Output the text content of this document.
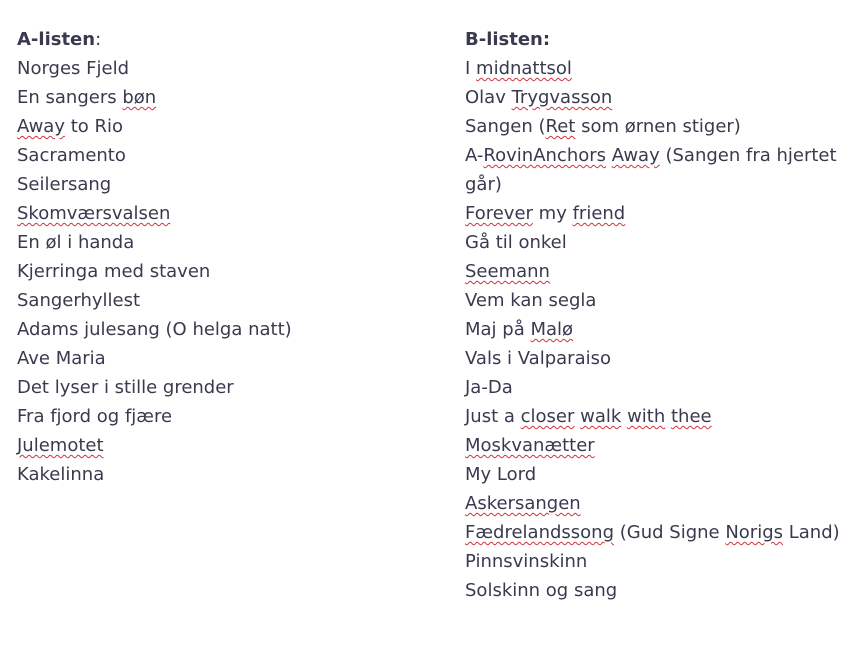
A-listen:
Norges Fjeld
En sangers bøn
Away to Rio
Sacramento
Seilersang
Skomværsvalsen
En øl i handa
Kjerringa med staven
Sangerhyllest
Adams julesang (O helga natt)
Ave Maria
Det lyser i stille grender
Fra fjord og fjære
Julemotet
Kakelinna
B-listen:
I midnattsol
Olav Trygvasson
Sangen (Ret som ørnen stiger)
A-RovinAnchors Away (Sangen fra hjertet går)
Forever my friend
Gå til onkel
Seemann
Vem kan segla
Maj på Malø
Vals i Valparaiso
Ja-Da
Just a closer walk with thee
Moskvanætter
My Lord
Askersangen
Fædrelandssong (Gud Signe Norigs Land)
Pinnsvinskinn
Solskinn og sang
